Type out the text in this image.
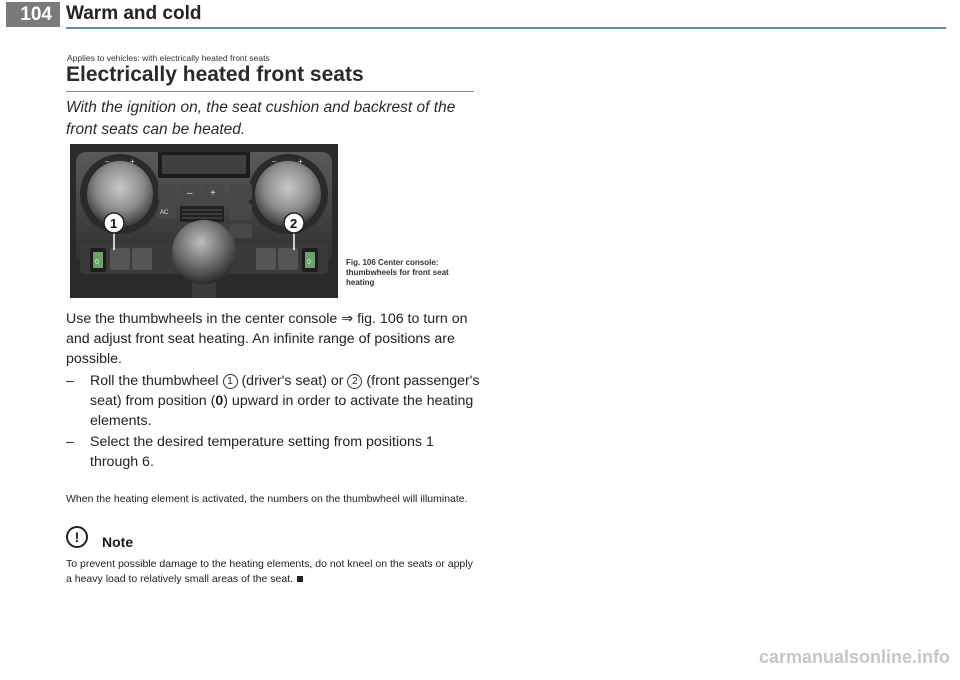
104 Warm and cold
Applies to vehicles: with electrically heated front seats
Electrically heated front seats
With the ignition on, the seat cushion and backrest of the front seats can be heated.
–	+	–	+
– +
AC
0	0
1	2
Fig. 106 Center console: thumbwheels for front seat heating
Use the thumbwheels in the center console ⇒ fig. 106 to turn on and adjust front seat heating. An infinite range of positions are possible.
–	Roll the thumbwheel 1 (driver's seat) or 2 (front passenger's seat) from position (0) upward in order to activate the heating elements.
–	Select the desired temperature setting from positions 1 through 6.
When the heating element is activated, the numbers on the thumbwheel will illuminate.
!	Note
To prevent possible damage to the heating elements, do not kneel on the seats or apply a heavy load to relatively small areas of the seat.
carmanualsonline.info
